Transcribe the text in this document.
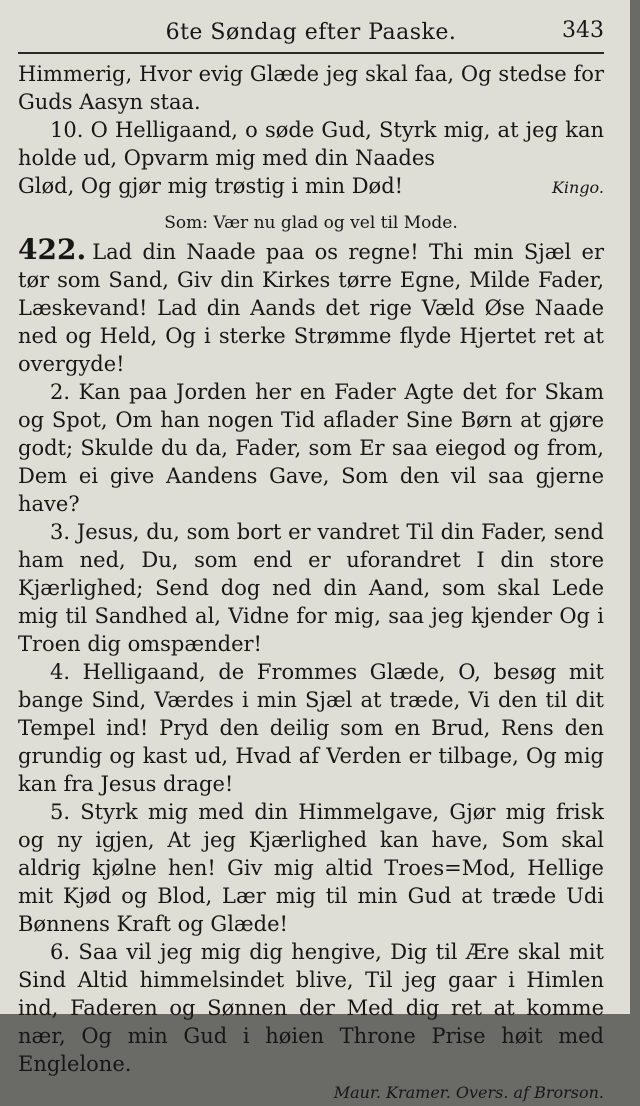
6te Søndag efter Paaske.	343

Himmerig, Hvor evig Glæde jeg skal faa, Og stedse for Guds Aasyn staa.

10. O Helligaand, o søde Gud, Styrk mig, at jeg kan holde ud, Opvarm mig med din Naades

Glød, Og gjør mig trøstig i min Død!	Kingo.

Som: Vær nu glad og vel til Mode.

422. Lad din Naade paa os regne! Thi min Sjæl er tør som Sand, Giv din Kirkes tørre Egne, Milde Fader, Læskevand! Lad din Aands det rige Væld Øse Naade ned og Held, Og i sterke Strømme flyde Hjertet ret at overgyde!

2. Kan paa Jorden her en Fader Agte det for Skam og Spot, Om han nogen Tid aflader Sine Børn at gjøre godt; Skulde du da, Fader, som Er saa eiegod og from, Dem ei give Aandens Gave, Som den vil saa gjerne have?

3. Jesus, du, som bort er vandret Til din Fader, send ham ned, Du, som end er uforandret I din store Kjærlighed; Send dog ned din Aand, som skal Lede mig til Sandhed al, Vidne for mig, saa jeg kjender Og i Troen dig omspænder!

4. Helligaand, de Frommes Glæde, O, besøg mit bange Sind, Værdes i min Sjæl at træde, Vi den til dit Tempel ind! Pryd den deilig som en Brud, Rens den grundig og kast ud, Hvad af Verden er tilbage, Og mig kan fra Jesus drage!

5. Styrk mig med din Himmelgave, Gjør mig frisk og ny igjen, At jeg Kjærlighed kan have, Som skal aldrig kjølne hen! Giv mig altid Troes=Mod, Hellige mit Kjød og Blod, Lær mig til min Gud at træde Udi Bønnens Kraft og Glæde!

6. Saa vil jeg mig dig hengive, Dig til Ære skal mit Sind Altid himmelsindet blive, Til jeg gaar i Himlen ind, Faderen og Sønnen der Med dig ret at komme nær, Og min Gud i høien Throne Prise høit med Englelone.

Maur. Kramer. Overs. af Brorson.
